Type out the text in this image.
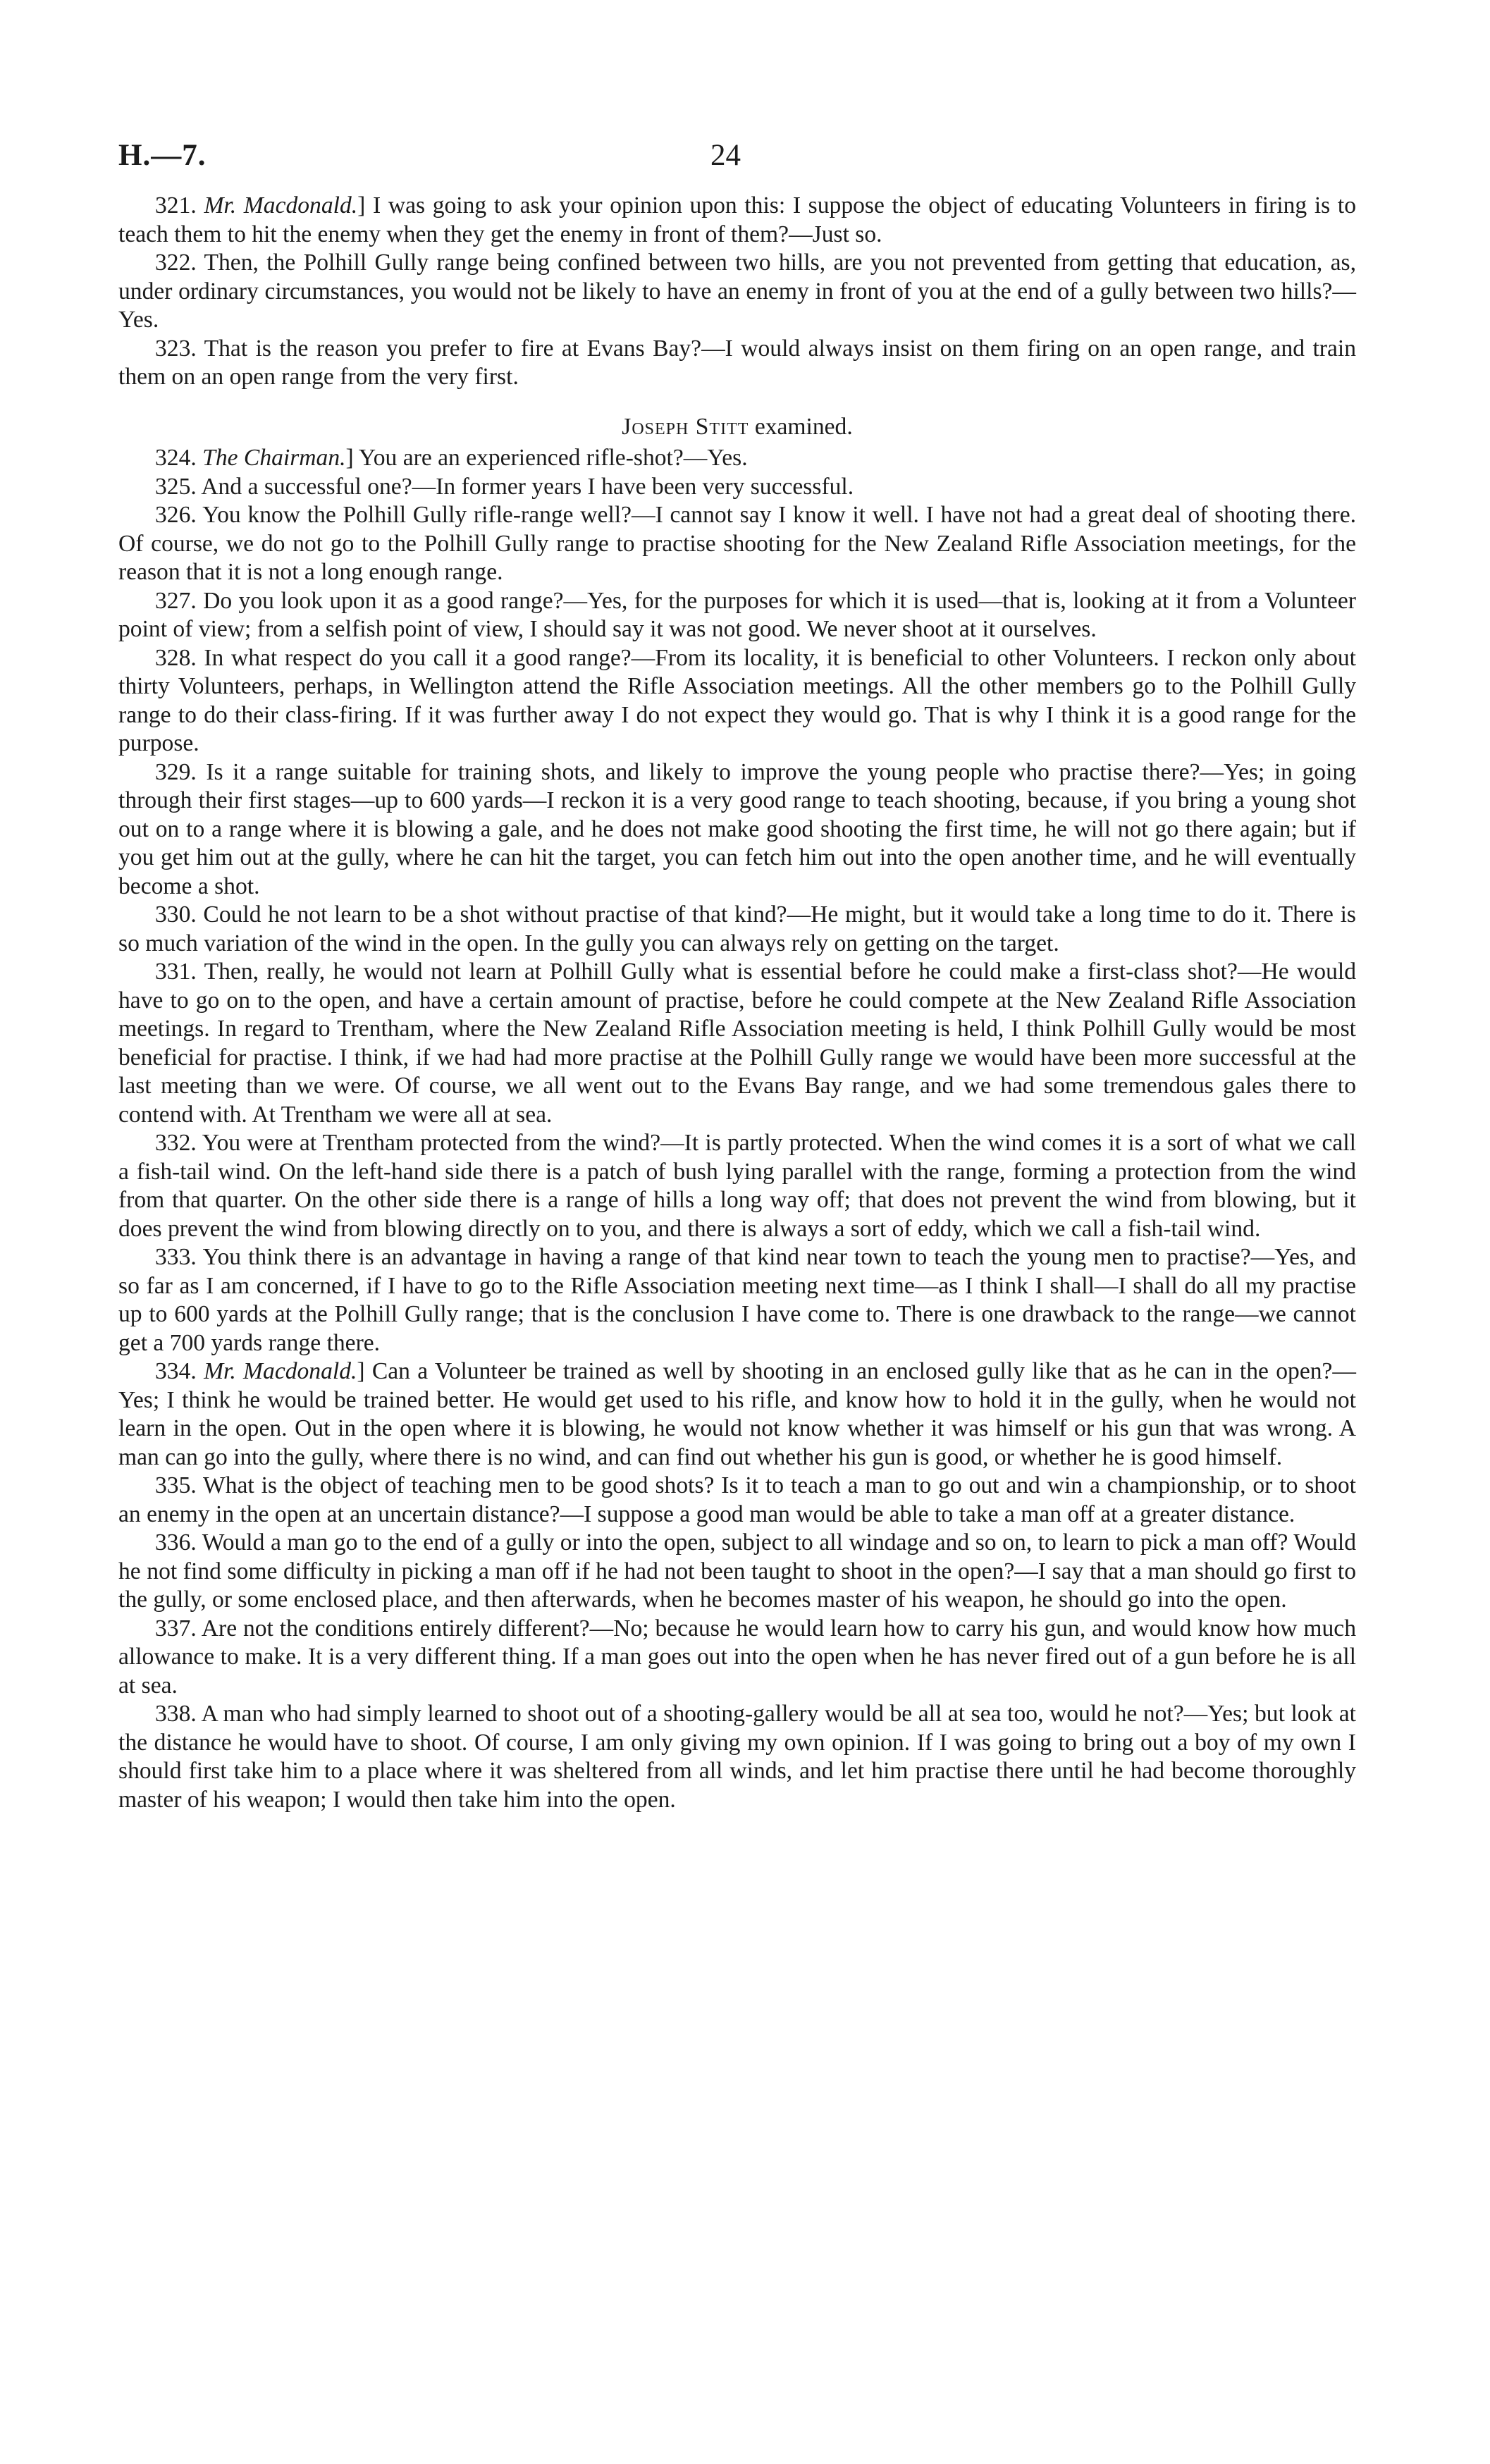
H.—7.	24

321. Mr. Macdonald.] I was going to ask your opinion upon this: I suppose the object of educating Volunteers in firing is to teach them to hit the enemy when they get the enemy in front of them?—Just so.

322. Then, the Polhill Gully range being confined between two hills, are you not prevented from getting that education, as, under ordinary circumstances, you would not be likely to have an enemy in front of you at the end of a gully between two hills?—Yes.

323. That is the reason you prefer to fire at Evans Bay?—I would always insist on them firing on an open range, and train them on an open range from the very first.

Joseph Stitt examined.

324. The Chairman.] You are an experienced rifle-shot?—Yes.

325. And a successful one?—In former years I have been very successful.

326. You know the Polhill Gully rifle-range well?—I cannot say I know it well. I have not had a great deal of shooting there. Of course, we do not go to the Polhill Gully range to practise shooting for the New Zealand Rifle Association meetings, for the reason that it is not a long enough range.

327. Do you look upon it as a good range?—Yes, for the purposes for which it is used—that is, looking at it from a Volunteer point of view; from a selfish point of view, I should say it was not good. We never shoot at it ourselves.

328. In what respect do you call it a good range?—From its locality, it is beneficial to other Volunteers. I reckon only about thirty Volunteers, perhaps, in Wellington attend the Rifle Association meetings. All the other members go to the Polhill Gully range to do their class-firing. If it was further away I do not expect they would go. That is why I think it is a good range for the purpose.

329. Is it a range suitable for training shots, and likely to improve the young people who practise there?—Yes; in going through their first stages—up to 600 yards—I reckon it is a very good range to teach shooting, because, if you bring a young shot out on to a range where it is blowing a gale, and he does not make good shooting the first time, he will not go there again; but if you get him out at the gully, where he can hit the target, you can fetch him out into the open another time, and he will eventually become a shot.

330. Could he not learn to be a shot without practise of that kind?—He might, but it would take a long time to do it. There is so much variation of the wind in the open. In the gully you can always rely on getting on the target.

331. Then, really, he would not learn at Polhill Gully what is essential before he could make a first-class shot?—He would have to go on to the open, and have a certain amount of practise, before he could compete at the New Zealand Rifle Association meetings. In regard to Trentham, where the New Zealand Rifle Association meeting is held, I think Polhill Gully would be most beneficial for practise. I think, if we had had more practise at the Polhill Gully range we would have been more successful at the last meeting than we were. Of course, we all went out to the Evans Bay range, and we had some tremendous gales there to contend with. At Trentham we were all at sea.

332. You were at Trentham protected from the wind?—It is partly protected. When the wind comes it is a sort of what we call a fish-tail wind. On the left-hand side there is a patch of bush lying parallel with the range, forming a protection from the wind from that quarter. On the other side there is a range of hills a long way off; that does not prevent the wind from blowing, but it does prevent the wind from blowing directly on to you, and there is always a sort of eddy, which we call a fish-tail wind.

333. You think there is an advantage in having a range of that kind near town to teach the young men to practise?—Yes, and so far as I am concerned, if I have to go to the Rifle Association meeting next time—as I think I shall—I shall do all my practise up to 600 yards at the Polhill Gully range; that is the conclusion I have come to. There is one drawback to the range—we cannot get a 700 yards range there.

334. Mr. Macdonald.] Can a Volunteer be trained as well by shooting in an enclosed gully like that as he can in the open?—Yes; I think he would be trained better. He would get used to his rifle, and know how to hold it in the gully, when he would not learn in the open. Out in the open where it is blowing, he would not know whether it was himself or his gun that was wrong. A man can go into the gully, where there is no wind, and can find out whether his gun is good, or whether he is good himself.

335. What is the object of teaching men to be good shots? Is it to teach a man to go out and win a championship, or to shoot an enemy in the open at an uncertain distance?—I suppose a good man would be able to take a man off at a greater distance.

336. Would a man go to the end of a gully or into the open, subject to all windage and so on, to learn to pick a man off? Would he not find some difficulty in picking a man off if he had not been taught to shoot in the open?—I say that a man should go first to the gully, or some enclosed place, and then afterwards, when he becomes master of his weapon, he should go into the open.

337. Are not the conditions entirely different?—No; because he would learn how to carry his gun, and would know how much allowance to make. It is a very different thing. If a man goes out into the open when he has never fired out of a gun before he is all at sea.

338. A man who had simply learned to shoot out of a shooting-gallery would be all at sea too, would he not?—Yes; but look at the distance he would have to shoot. Of course, I am only giving my own opinion. If I was going to bring out a boy of my own I should first take him to a place where it was sheltered from all winds, and let him practise there until he had become thoroughly master of his weapon; I would then take him into the open.
